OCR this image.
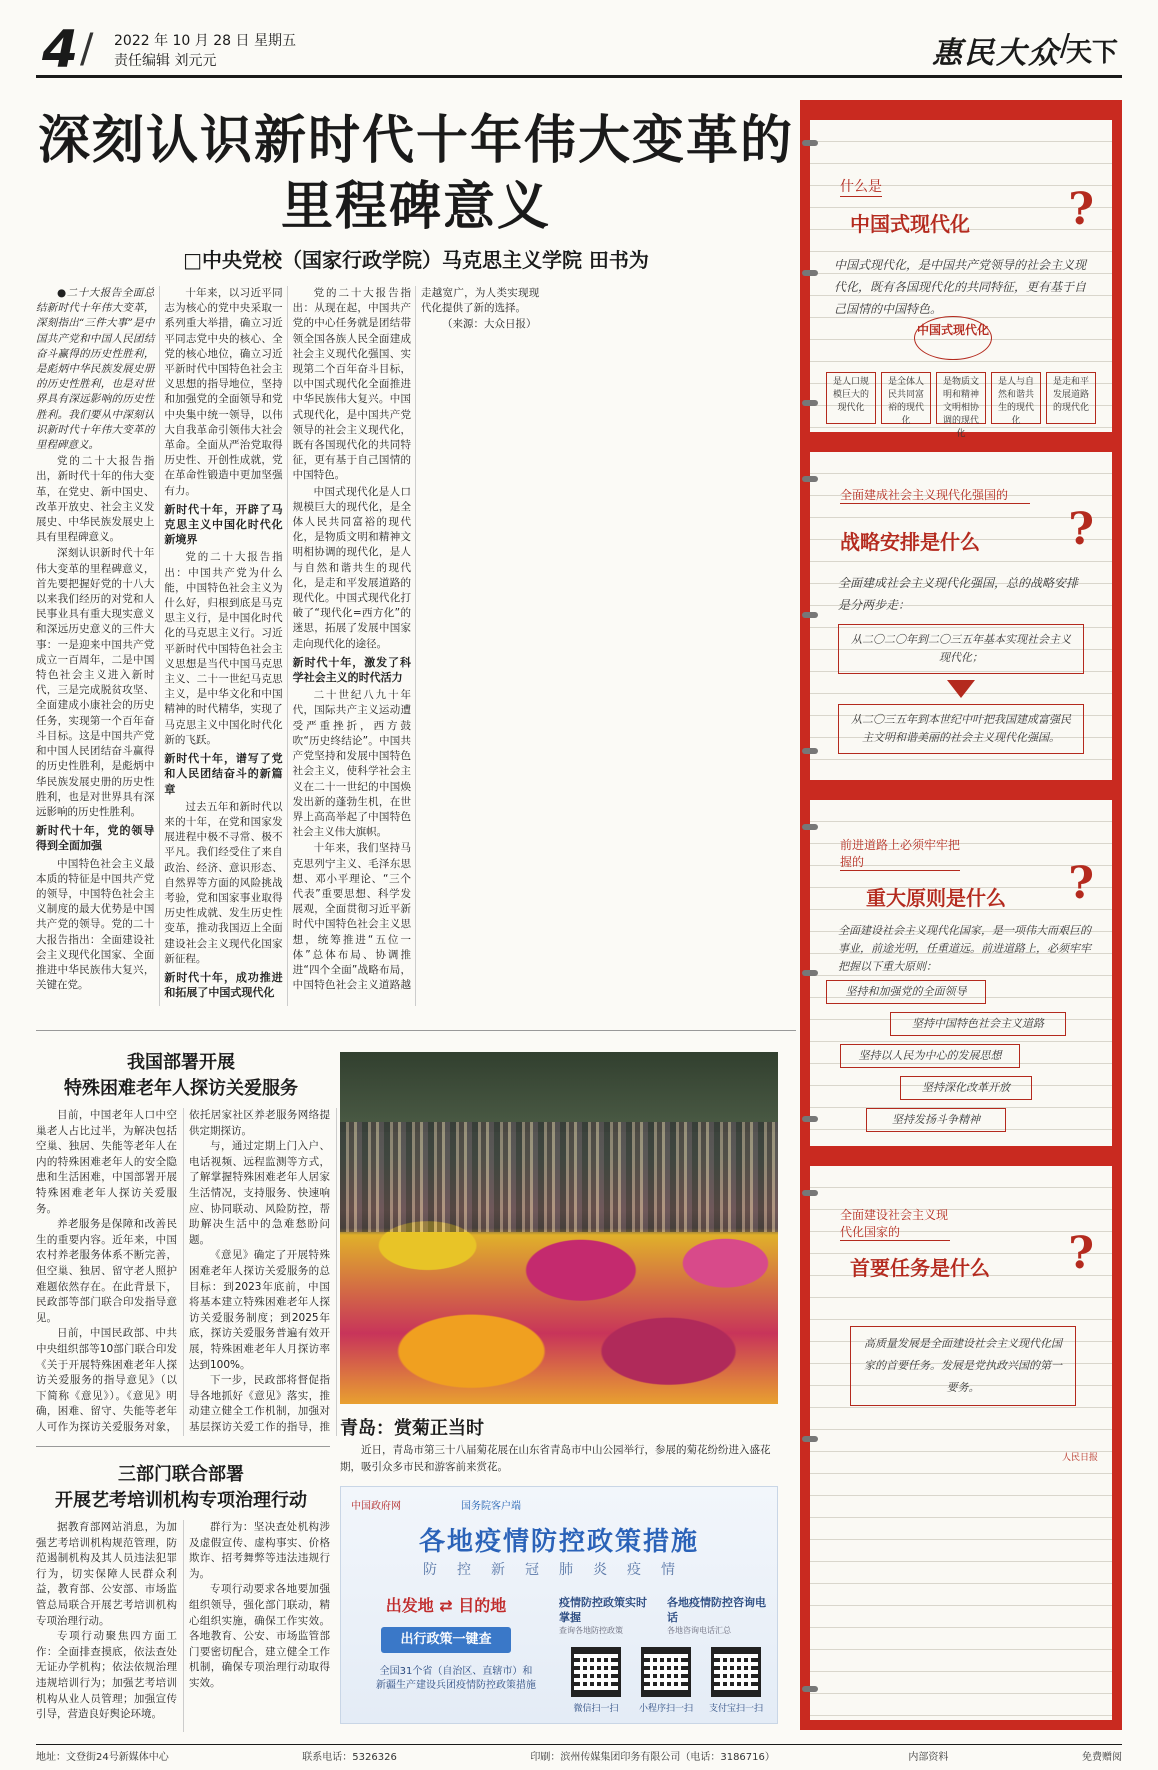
4 / 2022 年 10 月 28 日 星期五
责任编辑 刘元元	惠民大众 /
天下
深刻认识新时代十年伟大变革的
里程碑意义
□中央党校（国家行政学院）马克思主义学院 田书为

●二十大报告全面总结新时代十年伟大变革，深刻指出“三件大事”是中国共产党和中国人民团结奋斗赢得的历史性胜利，是彪炳中华民族发展史册的历史性胜利，也是对世界具有深远影响的历史性胜利。我们要从中深刻认识新时代十年伟大变革的里程碑意义。

党的二十大报告指出，新时代十年的伟大变革，在党史、新中国史、改革开放史、社会主义发展史、中华民族发展史上具有里程碑意义。

深刻认识新时代十年伟大变革的里程碑意义，首先要把握好党的十八大以来我们经历的对党和人民事业具有重大现实意义和深远历史意义的三件大事：一是迎来中国共产党成立一百周年，二是中国特色社会主义进入新时代，三是完成脱贫攻坚、全面建成小康社会的历史任务，实现第一个百年奋斗目标。这是中国共产党和中国人民团结奋斗赢得的历史性胜利，是彪炳中华民族发展史册的历史性胜利，也是对世界具有深远影响的历史性胜利。

新时代十年，党的领导得到全面加强

中国特色社会主义最本质的特征是中国共产党的领导，中国特色社会主义制度的最大优势是中国共产党的领导。党的二十大报告指出：全面建设社会主义现代化国家、全面推进中华民族伟大复兴，关键在党。

十年来，以习近平同志为核心的党中央采取一系列重大举措，确立习近平同志党中央的核心、全党的核心地位，确立习近平新时代中国特色社会主义思想的指导地位，坚持和加强党的全面领导和党中央集中统一领导，以伟大自我革命引领伟大社会革命。全面从严治党取得历史性、开创性成就，党在革命性锻造中更加坚强有力。

新时代十年，开辟了马克思主义中国化时代化新境界

党的二十大报告指出：中国共产党为什么能，中国特色社会主义为什么好，归根到底是马克思主义行，是中国化时代化的马克思主义行。习近平新时代中国特色社会主义思想是当代中国马克思主义、二十一世纪马克思主义，是中华文化和中国精神的时代精华，实现了马克思主义中国化时代化新的飞跃。

新时代十年，谱写了党和人民团结奋斗的新篇章

过去五年和新时代以来的十年，在党和国家发展进程中极不寻常、极不平凡。我们经受住了来自政治、经济、意识形态、自然界等方面的风险挑战考验，党和国家事业取得历史性成就、发生历史性变革，推动我国迈上全面建设社会主义现代化国家新征程。

新时代十年，成功推进和拓展了中国式现代化

党的二十大报告指出：从现在起，中国共产党的中心任务就是团结带领全国各族人民全面建成社会主义现代化强国、实现第二个百年奋斗目标，以中国式现代化全面推进中华民族伟大复兴。中国式现代化，是中国共产党领导的社会主义现代化，既有各国现代化的共同特征，更有基于自己国情的中国特色。

中国式现代化是人口规模巨大的现代化，是全体人民共同富裕的现代化，是物质文明和精神文明相协调的现代化，是人与自然和谐共生的现代化，是走和平发展道路的现代化。中国式现代化打破了“现代化=西方化”的迷思，拓展了发展中国家走向现代化的途径。

新时代十年，激发了科学社会主义的时代活力

二十世纪八九十年代，国际共产主义运动遭受严重挫折，西方鼓吹“历史终结论”。中国共产党坚持和发展中国特色社会主义，使科学社会主义在二十一世纪的中国焕发出新的蓬勃生机，在世界上高高举起了中国特色社会主义伟大旗帜。

十年来，我们坚持马克思列宁主义、毛泽东思想、邓小平理论、“三个代表”重要思想、科学发展观，全面贯彻习近平新时代中国特色社会主义思想，统筹推进“五位一体”总体布局、协调推进“四个全面”战略布局，中国特色社会主义道路越走越宽广，为人类实现现代化提供了新的选择。

（来源：大众日报）

我国部署开展
特殊困难老年人探访关爱服务

目前，中国老年人口中空巢老人占比过半，为解决包括空巢、独居、失能等老年人在内的特殊困难老年人的安全隐患和生活困难，中国部署开展特殊困难老年人探访关爱服务。

养老服务是保障和改善民生的重要内容。近年来，中国农村养老服务体系不断完善，但空巢、独居、留守老人照护难题依然存在。在此背景下，民政部等部门联合印发指导意见。

日前，中国民政部、中共中央组织部等10部门联合印发《关于开展特殊困难老年人探访关爱服务的指导意见》（以下简称《意见》）。《意见》明确，困难、留守、失能等老年人可作为探访关爱服务对象，依托居家社区养老服务网络提供定期探访。

与，通过定期上门入户、电话视频、远程监测等方式，了解掌握特殊困难老年人居家生活情况，支持服务、快速响应、协同联动、风险防控，帮助解决生活中的急难愁盼问题。

《意见》确定了开展特殊困难老年人探访关爱服务的总目标：到2023年底前，中国将基本建立特殊困难老年人探访关爱服务制度；到2025年底，探访关爱服务普遍有效开展，特殊困难老年人月探访率达到100%。

下一步，民政部将督促指导各地抓好《意见》落实，推动建立健全工作机制，加强对基层探访关爱工作的指导，推

三部门联合部署
开展艺考培训机构专项治理行动

据教育部网站消息，为加强艺考培训机构规范管理，防范遏制机构及其人员违法犯罪行为，切实保障人民群众利益，教育部、公安部、市场监管总局联合开展艺考培训机构专项治理行动。

专项行动聚焦四方面工作：全面排查摸底，依法查处无证办学机构；依法依规治理违规培训行为；加强艺考培训机构从业人员管理；加强宣传引导，营造良好舆论环境。

群行为：坚决查处机构涉及虚假宣传、虚构事实、价格欺诈、招考舞弊等违法违规行为。

专项行动要求各地要加强组织领导，强化部门联动，精心组织实施，确保工作实效。各地教育、公安、市场监管部门要密切配合，建立健全工作机制，确保专项治理行动取得实效。

青岛：赏菊正当时
近日，青岛市第三十八届菊花展在山东省青岛市中山公园举行，参展的菊花纷纷进入盛花期，吸引众多市民和游客前来赏花。
中国政府网	国务院客户端
各地疫情防控政策措施
防控新冠肺炎疫情
出发地 ⇄ 目的地
出行政策一键查
全国31个省（自治区、直辖市）和
新疆生产建设兵团疫情防控政策措施
疫情防控政策实时掌握
查询各地防控政策
各地疫情防控咨询电话
各地咨询电话汇总
微信扫一扫	小程序扫一扫	支付宝扫一扫
什么是
中国式现代化 ?
中国式现代化，是中国共产党领导的社会主义现代化，既有各国现代化的共同特征，更有基于自己国情的中国特色。
中国式现代化
是人口规模巨大的现代化
是全体人民共同富裕的现代化
是物质文明和精神文明相协调的现代化
是人与自然和谐共生的现代化
是走和平发展道路的现代化
全面建成社会主义现代化强国的
战略安排是什么 ?
全面建成社会主义现代化强国，总的战略安排是分两步走：
从二〇二〇年到二〇三五年基本实现社会主义现代化；
从二〇三五年到本世纪中叶把我国建成富强民主文明和谐美丽的社会主义现代化强国。
前进道路上必须牢牢把握的
重大原则是什么 ?
全面建设社会主义现代化国家，是一项伟大而艰巨的事业，前途光明，任重道远。前进道路上，必须牢牢把握以下重大原则：
坚持和加强党的全面领导
坚持中国特色社会主义道路
坚持以人民为中心的发展思想
坚持深化改革开放
坚持发扬斗争精神
全面建设社会主义现代化国家的
首要任务是什么 ?
高质量发展是全面建设社会主义现代化国家的首要任务。发展是党执政兴国的第一要务。
人民日报
地址：文登街24号新媒体中心	联系电话：5326326	印刷：滨州传媒集团印务有限公司（电话：3186716）	内部资料	免费赠阅
